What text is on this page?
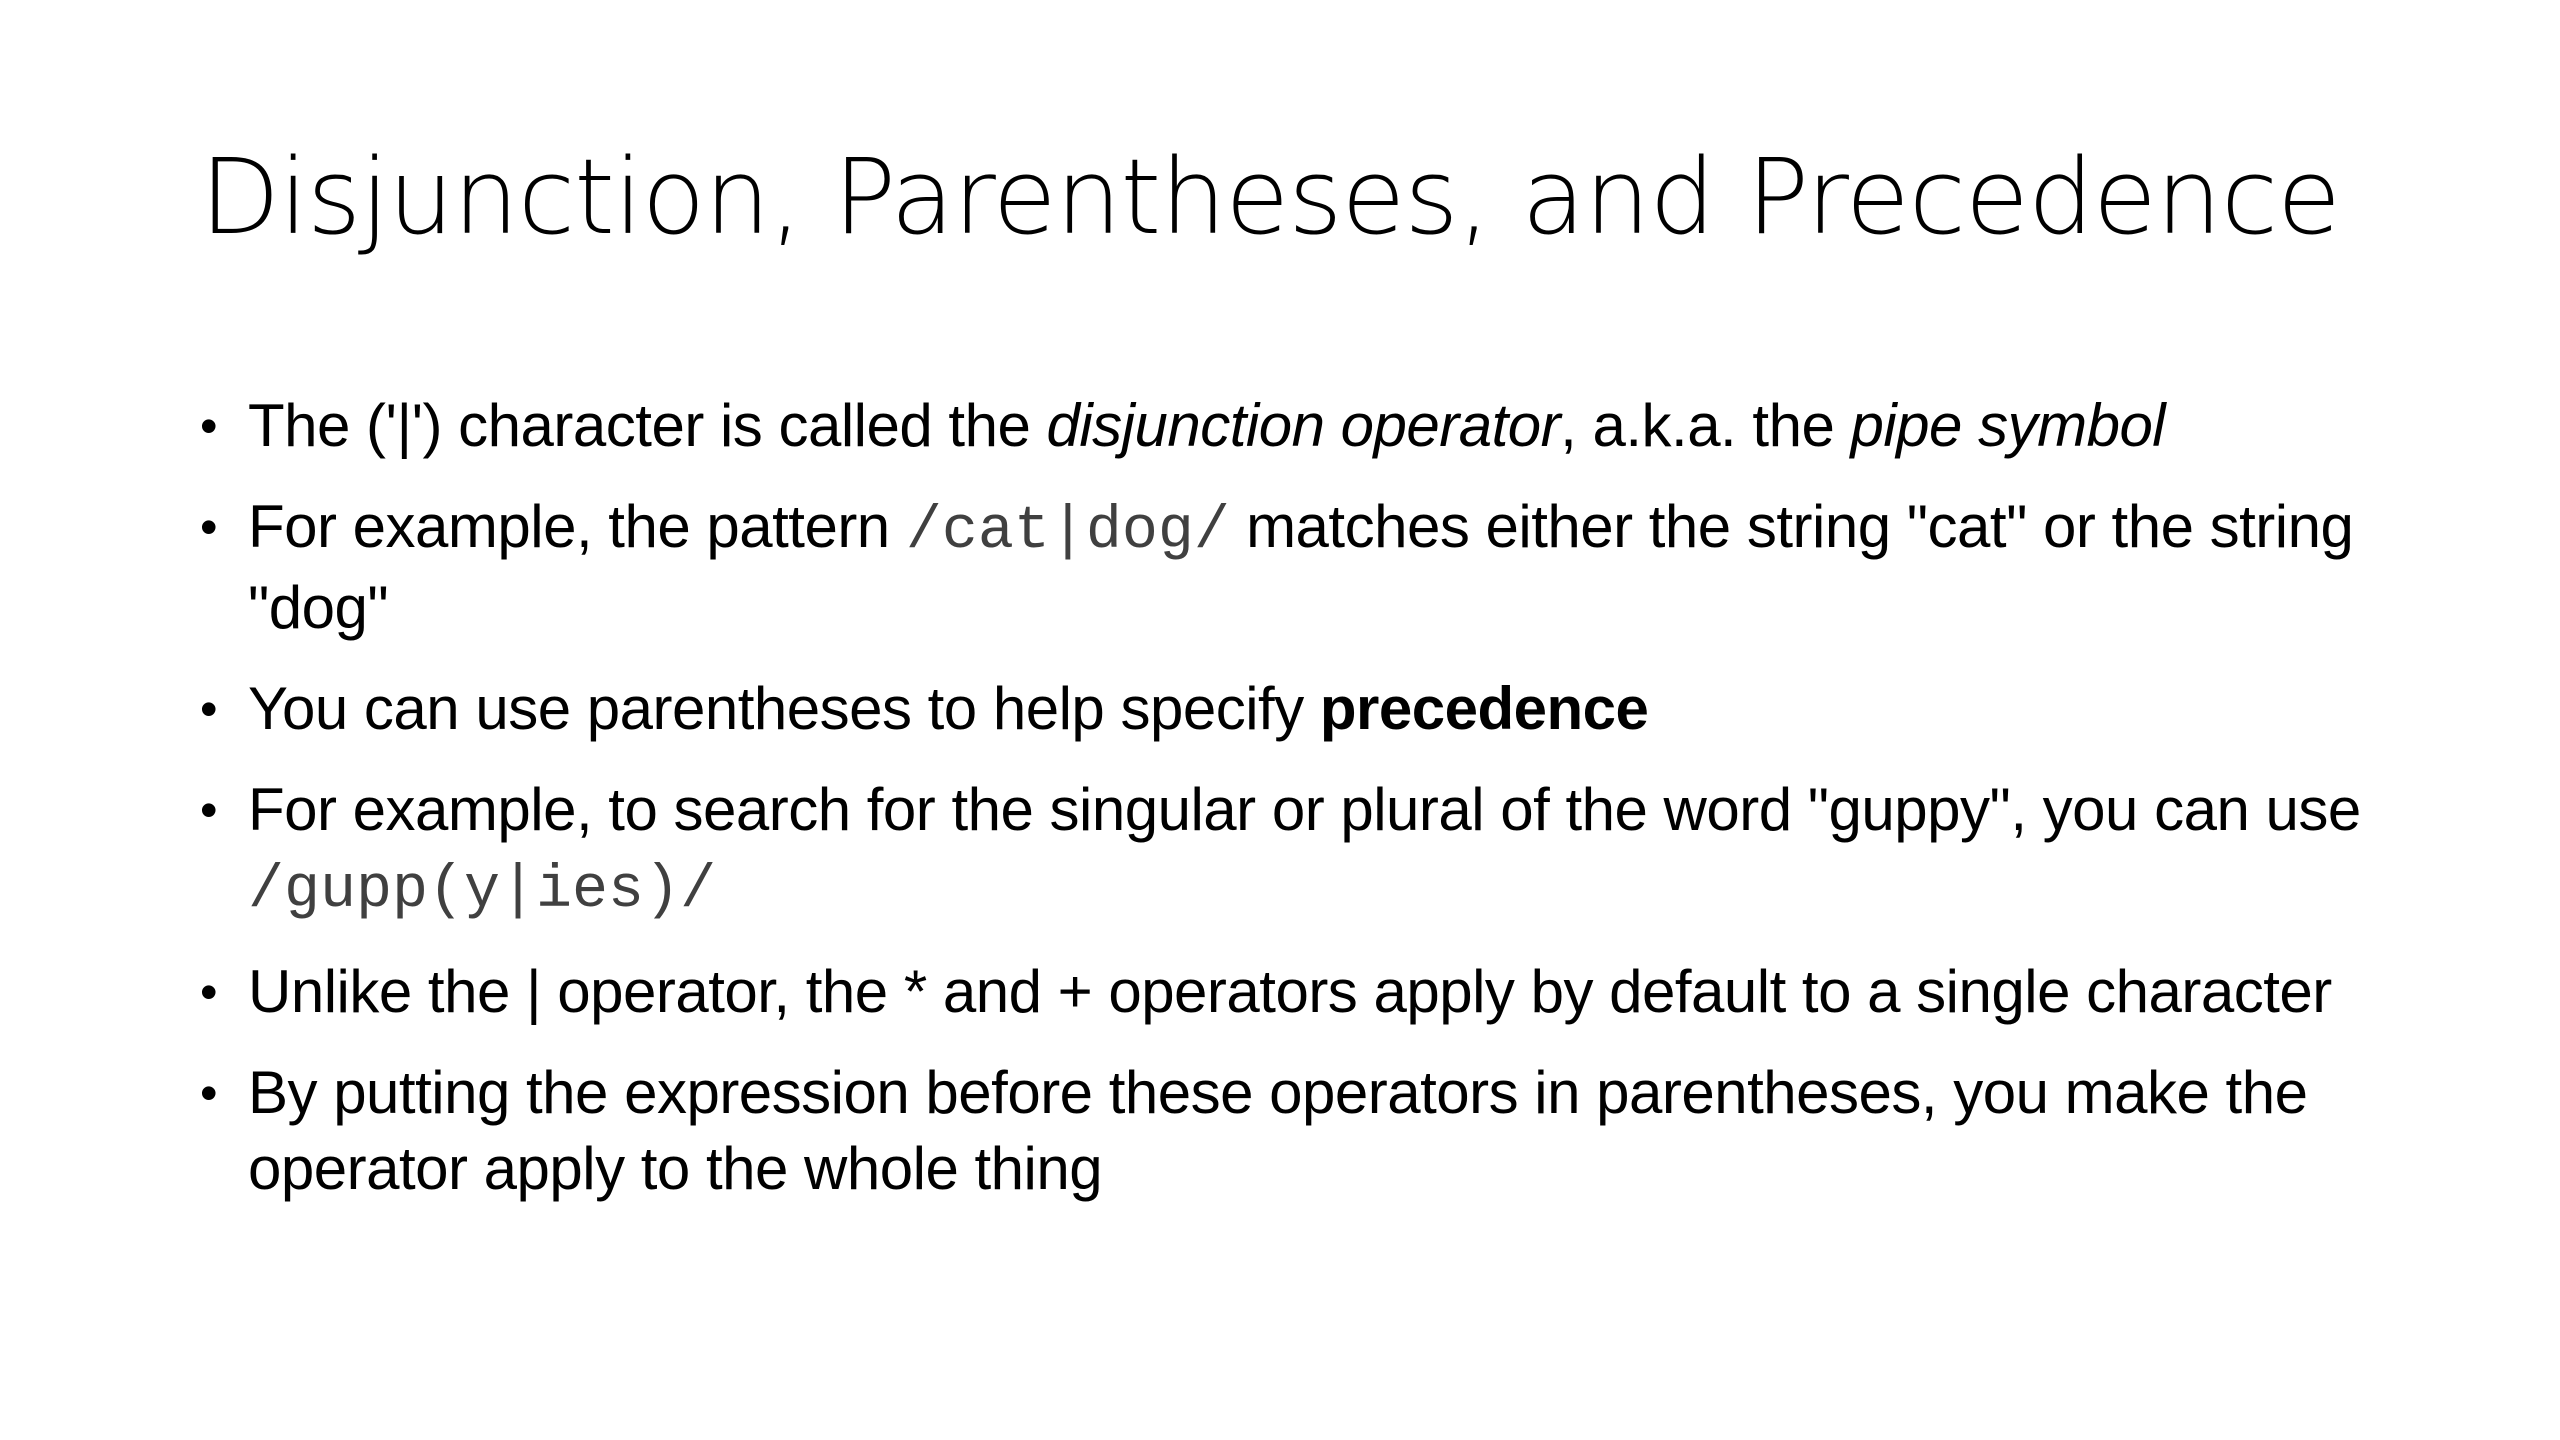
Disjunction, Parentheses, and Precedence
• The ('|') character is called the disjunction operator, a.k.a. the pipe symbol
• For example, the pattern /cat|dog/ matches either the string "cat" or the string "dog"
• You can use parentheses to help specify precedence
• For example, to search for the singular or plural of the word "guppy", you can use /gupp(y|ies)/
• Unlike the | operator, the * and + operators apply by default to a single character
• By putting the expression before these operators in parentheses, you make the operator apply to the whole thing
